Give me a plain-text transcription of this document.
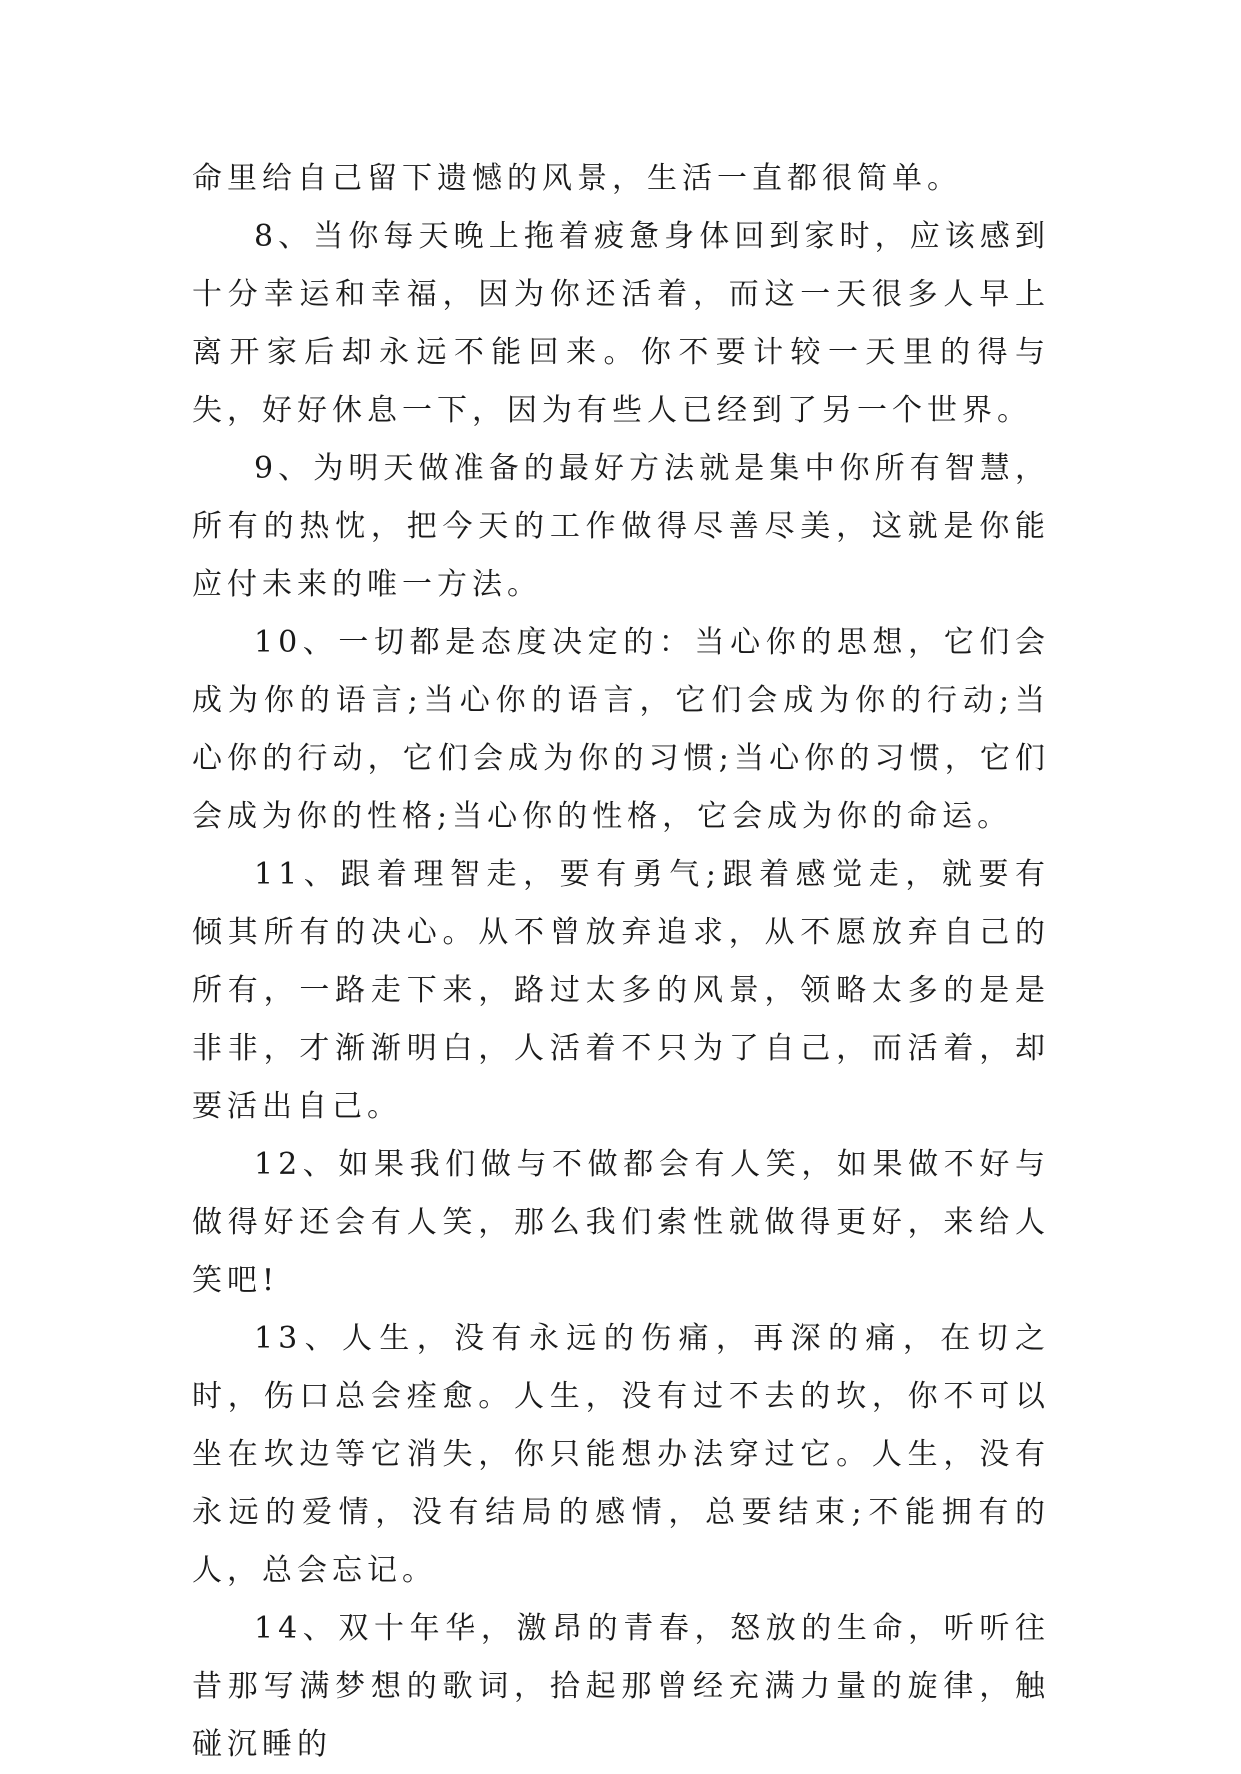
命里给自己留下遗憾的风景，生活一直都很简单。

8、当你每天晚上拖着疲惫身体回到家时，应该感到十分幸运和幸福，因为你还活着，而这一天很多人早上离开家后却永远不能回来。你不要计较一天里的得与失，好好休息一下，因为有些人已经到了另一个世界。

9、为明天做准备的最好方法就是集中你所有智慧，所有的热忱，把今天的工作做得尽善尽美，这就是你能应付未来的唯一方法。

10、一切都是态度决定的：当心你的思想，它们会成为你的语言;当心你的语言，它们会成为你的行动;当心你的行动，它们会成为你的习惯;当心你的习惯，它们会成为你的性格;当心你的性格，它会成为你的命运。

11、跟着理智走，要有勇气;跟着感觉走，就要有倾其所有的决心。从不曾放弃追求，从不愿放弃自己的所有，一路走下来，路过太多的风景，领略太多的是是非非，才渐渐明白，人活着不只为了自己，而活着，却要活出自己。

12、如果我们做与不做都会有人笑，如果做不好与做得好还会有人笑，那么我们索性就做得更好，来给人笑吧!

13、人生，没有永远的伤痛，再深的痛，在切之时，伤口总会痊愈。人生，没有过不去的坎，你不可以坐在坎边等它消失，你只能想办法穿过它。人生，没有永远的爱情，没有结局的感情，总要结束;不能拥有的人，总会忘记。

14、双十年华，激昂的青春，怒放的生命，听听往昔那写满梦想的歌词，拾起那曾经充满力量的旋律，触碰沉睡的
